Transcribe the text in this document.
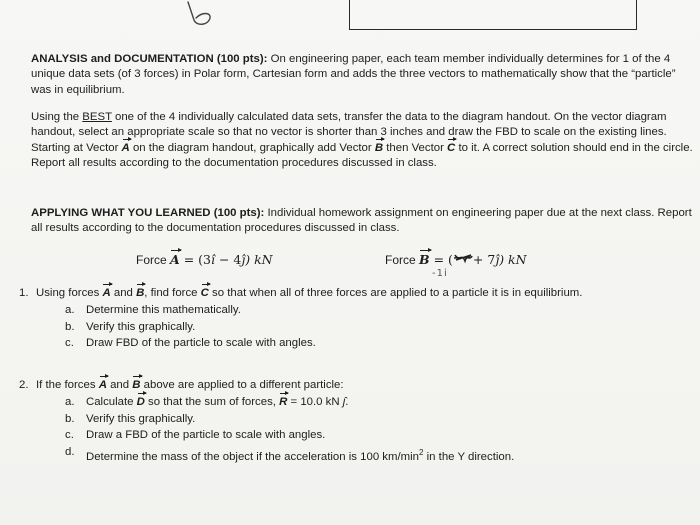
ANALYSIS and DOCUMENTATION (100 pts): On engineering paper, each team member individually determines for 1 of the 4 unique data sets (of 3 forces) in Polar form, Cartesian form and adds the three vectors to mathematically show that the “particle” was in equilibrium.

Using the BEST one of the 4 individually calculated data sets, transfer the data to the diagram handout. On the vector diagram handout, select an appropriate scale so that no vector is shorter than 3 inches and draw the FBD to scale on the existing lines. Starting at Vector A on the diagram handout, graphically add Vector B then Vector C to it. A correct solution should end in the circle. Report all results according to the documentation procedures discussed in class.

APPLYING WHAT YOU LEARNED (100 pts): Individual homework assignment on engineering paper due at the next class. Report all results according to the documentation procedures discussed in class.

Force A = (3ı̂ − 4ȷ̂) kN	Force B = ( + 7ȷ̂) kN
-1i
1. Using forces A and B, find force C so that when all of three forces are applied to a particle it is in equilibrium.
a. Determine this mathematically.
b. Verify this graphically.
c. Draw FBD of the particle to scale with angles.
2. If the forces A and B above are applied to a different particle:
a. Calculate D so that the sum of forces, R = 10.0 kN ȷ̂.
b. Verify this graphically.
c. Draw a FBD of the particle to scale with angles.
d. Determine the mass of the object if the acceleration is 100 $km/\min^2$ in the Y direction.
